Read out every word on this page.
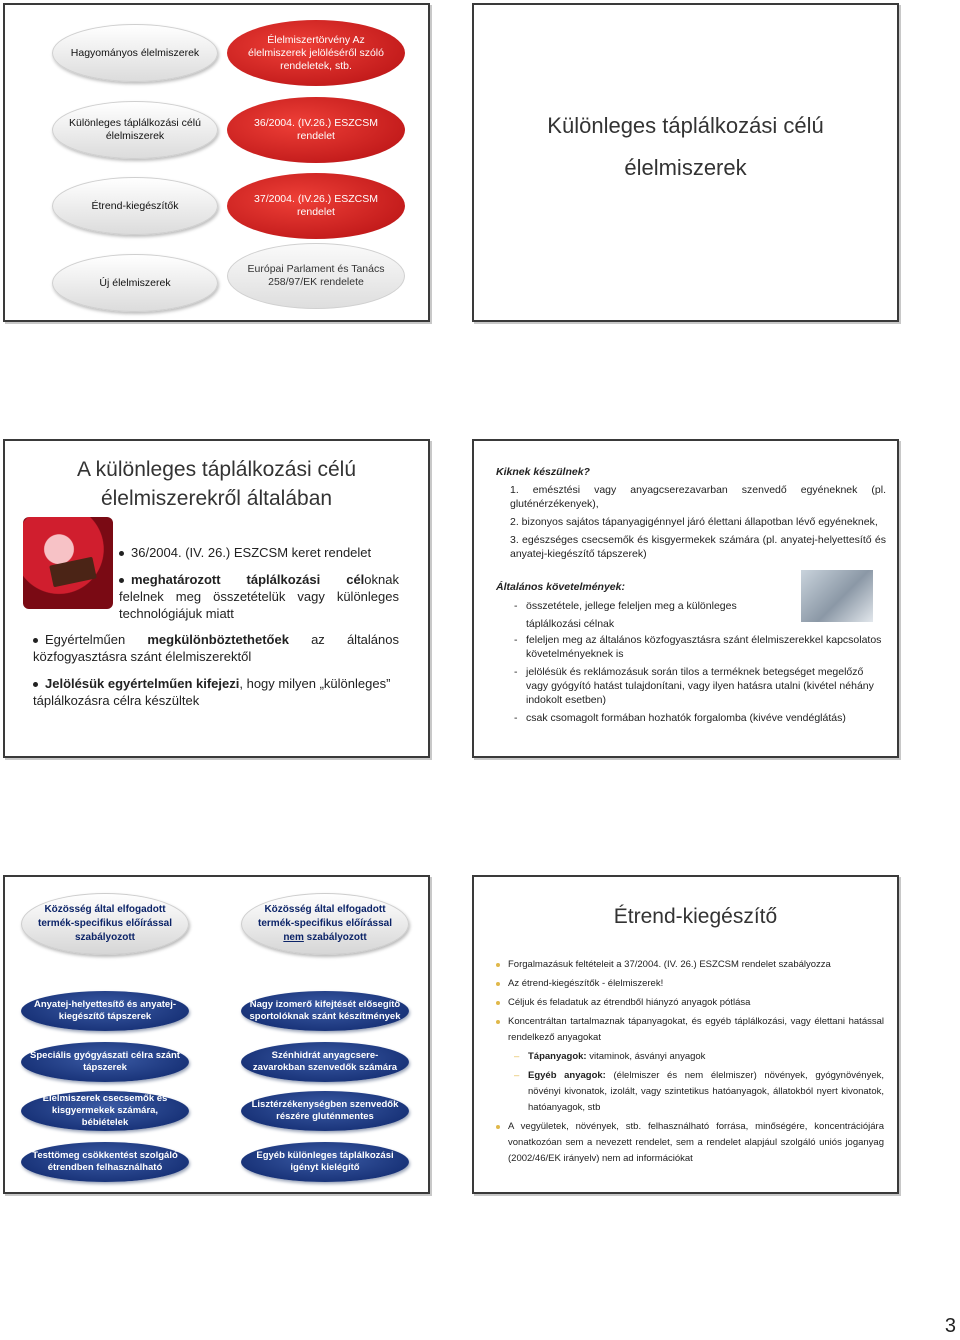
Hagyományos élelmiszerek
Élelmiszertörvény Az élelmiszerek jelöléséről szóló rendeletek, stb.
Különleges táplálkozási célú élelmiszerek
36/2004. (IV.26.) ESZCSM rendelet
Étrend-kiegészítők
37/2004. (IV.26.) ESZCSM rendelet
Új élelmiszerek
Európai Parlament és Tanács 258/97/EK rendelete
Különleges táplálkozási célú
élelmiszerek
A különleges táplálkozási célú
élelmiszerekről általában
36/2004. (IV. 26.) ESZCSM keret rendelet
meghatározott táplálkozási céloknak felelnek meg összetételük vagy különleges technológiájuk miatt
Egyértelműen megkülönböztethetőek az általános közfogyasztásra szánt élelmiszerektől
Jelölésük egyértelműen kifejezi, hogy milyen „különleges” táplálkozásra célra készültek
Kiknek készülnek?
1. emésztési vagy anyagcserezavarban szenvedő egyéneknek (pl. gluténérzékenyek),
2. bizonyos sajátos tápanyagigénnyel járó élettani állapotban lévő egyéneknek,
3. egészséges csecsemők és kisgyermekek számára (pl. anyatej-helyettesítő és anyatej-kiegészítő tápszerek)
Általános követelmények:
- összetétele, jellege feleljen meg a különleges
táplálkozási célnak
- feleljen meg az általános közfogyasztásra szánt élelmiszerekkel kapcsolatos követelményeknek is
- jelölésük és reklámozásuk során tilos a terméknek betegséget megelőző vagy gyógyító hatást tulajdonítani, vagy ilyen hatásra utalni (kivétel néhány indokolt esetben)
- csak csomagolt formában hozhatók forgalomba (kivéve vendéglátás)
Közösség által elfogadott termék-specifikus előírással szabályozott
Közösség által elfogadott termék-specifikus előírással nem szabályozott
Anyatej-helyettesítő és anyatej-kiegészítő tápszerek
Speciális gyógyászati célra szánt tápszerek
Élelmiszerek csecsemők és kisgyermekek számára, bébiételek
Testtömeg csökkentést szolgáló étrendben felhasználható
Nagy izomerő kifejtését elősegítő sportolóknak szánt készítmények
Szénhidrát anyagcsere-zavarokban szenvedők számára
Lisztérzékenységben szenvedők részére gluténmentes
Egyéb különleges táplálkozási igényt kielégítő
Étrend-kiegészítő
Forgalmazásuk feltételeit a 37/2004. (IV. 26.) ESZCSM rendelet szabályozza
Az étrend-kiegészítők - élelmiszerek!
Céljuk és feladatuk az étrendből hiányzó anyagok pótlása
Koncentráltan tartalmaznak tápanyagokat, és egyéb táplálkozási, vagy élettani hatással rendelkező anyagokat
– Tápanyagok: vitaminok, ásványi anyagok
– Egyéb anyagok: (élelmiszer és nem élelmiszer) növények, gyógynövények, növényi kivonatok, izolált, vagy szintetikus hatóanyagok, állatokból nyert kivonatok, hatóanyagok, stb
A vegyületek, növények, stb. felhasználható forrása, minőségére, koncentrációjára vonatkozóan sem a nevezett rendelet, sem a rendelet alapjául szolgáló uniós joganyag (2002/46/EK irányelv) nem ad információkat
3
